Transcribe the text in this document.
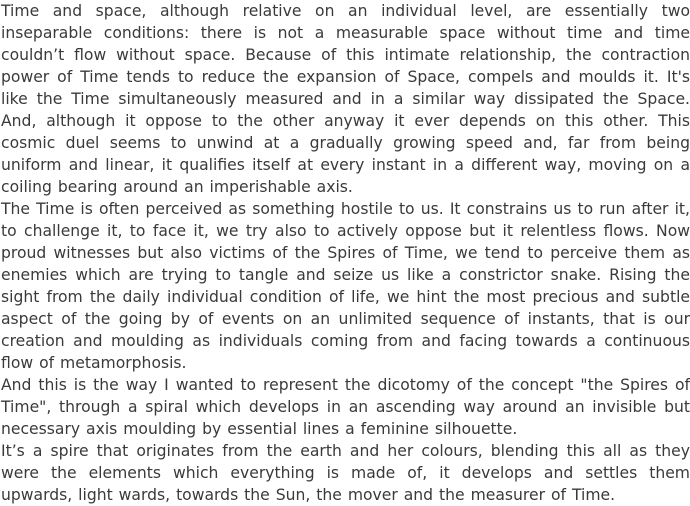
Time and space, although relative on an individual level, are essentially two inseparable conditions: there is not a measurable space without time and time couldn’t flow without space. Because of this intimate relationship, the contraction power of Time tends to reduce the expansion of Space, compels and moulds it. It's like the Time simultaneously measured and in a similar way dissipated the Space. And, although it oppose to the other anyway it ever depends on this other. This cosmic duel seems to unwind at a gradually growing speed and, far from being uniform and linear, it qualifies itself at every instant in a different way, moving on a coiling bearing around an imperishable axis.

The Time is often perceived as something hostile to us. It constrains us to run after it, to challenge it, to face it, we try also to actively oppose but it relentless flows. Now proud witnesses but also victims of the Spires of Time, we tend to perceive them as enemies which are trying to tangle and seize us like a constrictor snake. Rising the sight from the daily individual condition of life, we hint the most precious and subtle aspect of the going by of events on an unlimited sequence of instants, that is our creation and moulding as individuals coming from and facing towards a continuous flow of metamorphosis.

And this is the way I wanted to represent the dicotomy of the concept "the Spires of Time", through a spiral which develops in an ascending way around an invisible but necessary axis moulding by essential lines a feminine silhouette.

It’s a spire that originates from the earth and her colours, blending this all as they were the elements which everything is made of, it develops and settles them upwards, light wards, towards the Sun, the mover and the measurer of Time.
